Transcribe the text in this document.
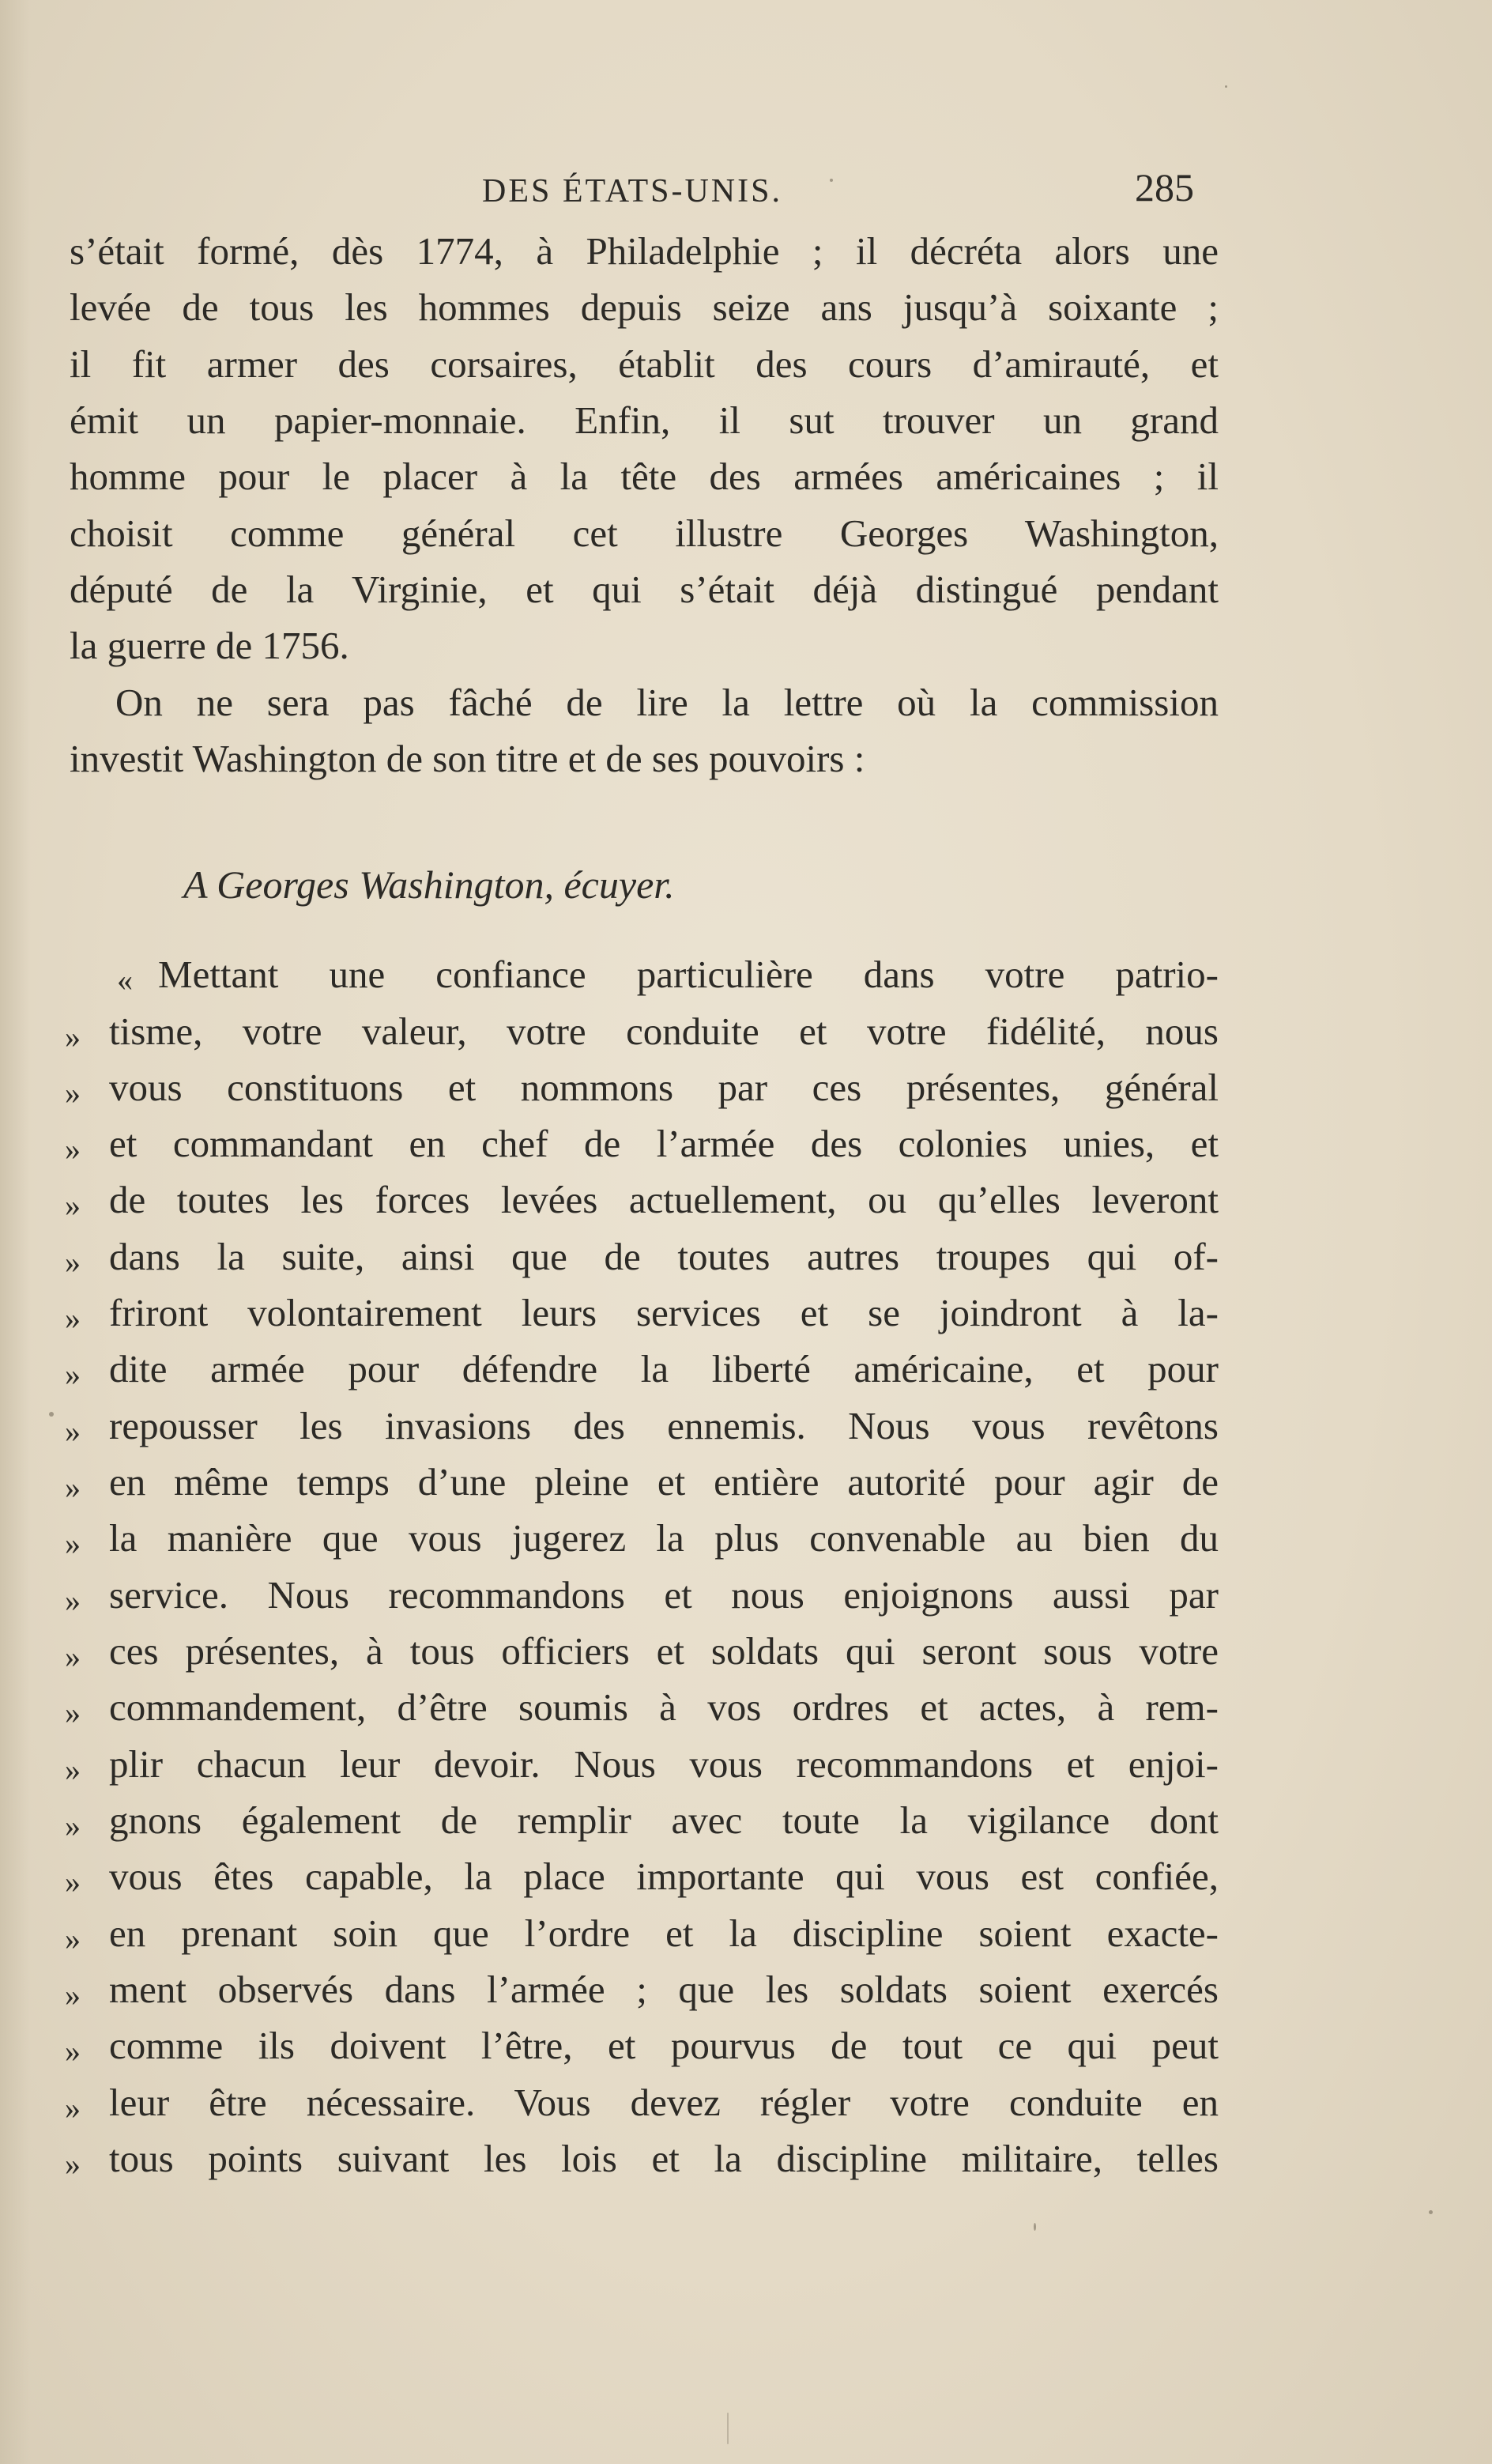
DES ÉTATS-UNIS.	285
s’était formé, dès 1774, à Philadelphie ; il décréta alors une
levée de tous les hommes depuis seize ans jusqu’à soixante ;
il fit armer des corsaires, établit des cours d’amirauté, et
émit un papier-monnaie. Enfin, il sut trouver un grand
homme pour le placer à la tête des armées américaines ; il
choisit comme général cet illustre Georges Washington,
député de la Virginie, et qui s’était déjà distingué pendant
la guerre de 1756.
On ne sera pas fâché de lire la lettre où la commission
investit Washington de son titre et de ses pouvoirs :
A Georges Washington, écuyer.
«
»
»
»
»
»
»
»
»
»
»
»
»
»
»
»
»
»
»
»
»
»
Mettant une confiance particulière dans votre patrio-
tisme, votre valeur, votre conduite et votre fidélité, nous
vous constituons et nommons par ces présentes, général
et commandant en chef de l’armée des colonies unies, et
de toutes les forces levées actuellement, ou qu’elles leveront
dans la suite, ainsi que de toutes autres troupes qui of-
friront volontairement leurs services et se joindront à la-
dite armée pour défendre la liberté américaine, et pour
repousser les invasions des ennemis. Nous vous revêtons
en même temps d’une pleine et entière autorité pour agir de
la manière que vous jugerez la plus convenable au bien du
service. Nous recommandons et nous enjoignons aussi par
ces présentes, à tous officiers et soldats qui seront sous votre
commandement, d’être soumis à vos ordres et actes, à rem-
plir chacun leur devoir. Nous vous recommandons et enjoi-
gnons également de remplir avec toute la vigilance dont
vous êtes capable, la place importante qui vous est confiée,
en prenant soin que l’ordre et la discipline soient exacte-
ment observés dans l’armée ; que les soldats soient exercés
comme ils doivent l’être, et pourvus de tout ce qui peut
leur être nécessaire. Vous devez régler votre conduite en
tous points suivant les lois et la discipline militaire, telles
